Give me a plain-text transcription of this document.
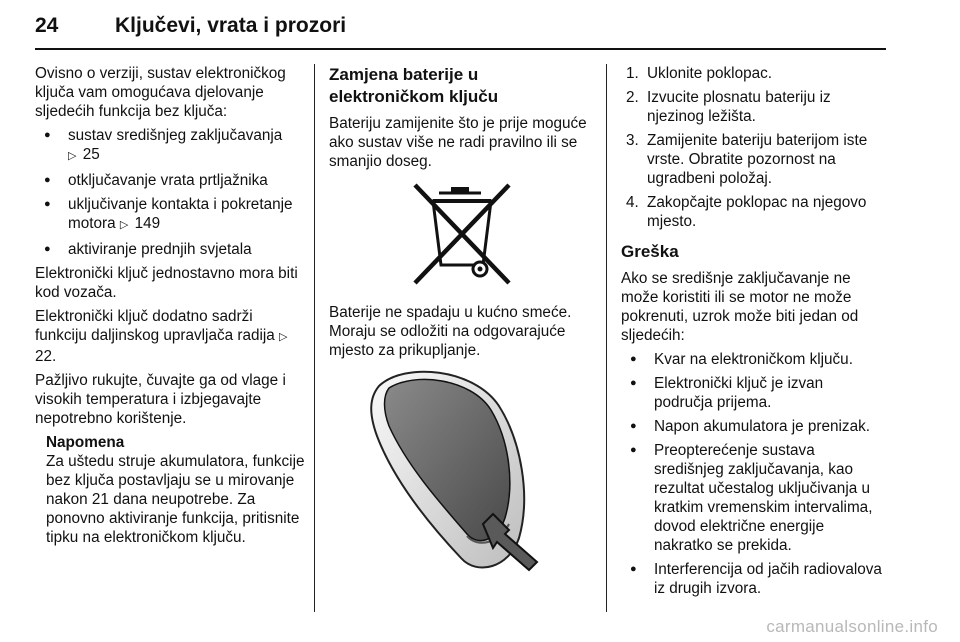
24	Ključevi, vrata i prozori

Ovisno o verziji, sustav elektroničkog ključa vam omogućava djelovanje sljedećih funkcija bez ključa:

● sustav središnjeg zaključavanja
▷ 25
● otključavanje vrata prtljažnika
● uključivanje kontakta i pokretanje motora ▷ 149
● aktiviranje prednjih svjetala

Elektronički ključ jednostavno mora biti kod vozača.

Elektronički ključ dodatno sadrži funkciju daljinskog upravljača radija ▷ 22.

Pažljivo rukujte, čuvajte ga od vlage i visokih temperatura i izbjegavajte nepotrebno korištenje.

Napomena

Za uštedu struje akumulatora, funkcije bez ključa postavljaju se u mirovanje nakon 21 dana neupotrebe. Za ponovno aktiviranje funkcija, pritisnite tipku na elektroničkom ključu.

Zamjena baterije u elektroničkom ključu

Bateriju zamijenite što je prije moguće ako sustav više ne radi pravilno ili se smanjio doseg.

Baterije ne spadaju u kućno smeće. Moraju se odložiti na odgovarajuće mjesto za prikupljanje.

1. Uklonite poklopac.
2. Izvucite plosnatu bateriju iz njezinog ležišta.
3. Zamijenite bateriju baterijom iste vrste. Obratite pozornost na ugradbeni položaj.
4. Zakopčajte poklopac na njegovo mjesto.
Greška

Ako se središnje zaključavanje ne može koristiti ili se motor ne može pokrenuti, uzrok može biti jedan od sljedećih:

● Kvar na elektroničkom ključu.
● Elektronički ključ je izvan područja prijema.
● Napon akumulatora je prenizak.
● Preopterećenje sustava središnjeg zaključavanja, kao rezultat učestalog uključivanja u kratkim vremenskim intervalima, dovod električne energije nakratko se prekida.
● Interferencija od jačih radiovalova iz drugih izvora.
carmanualsonline.info
